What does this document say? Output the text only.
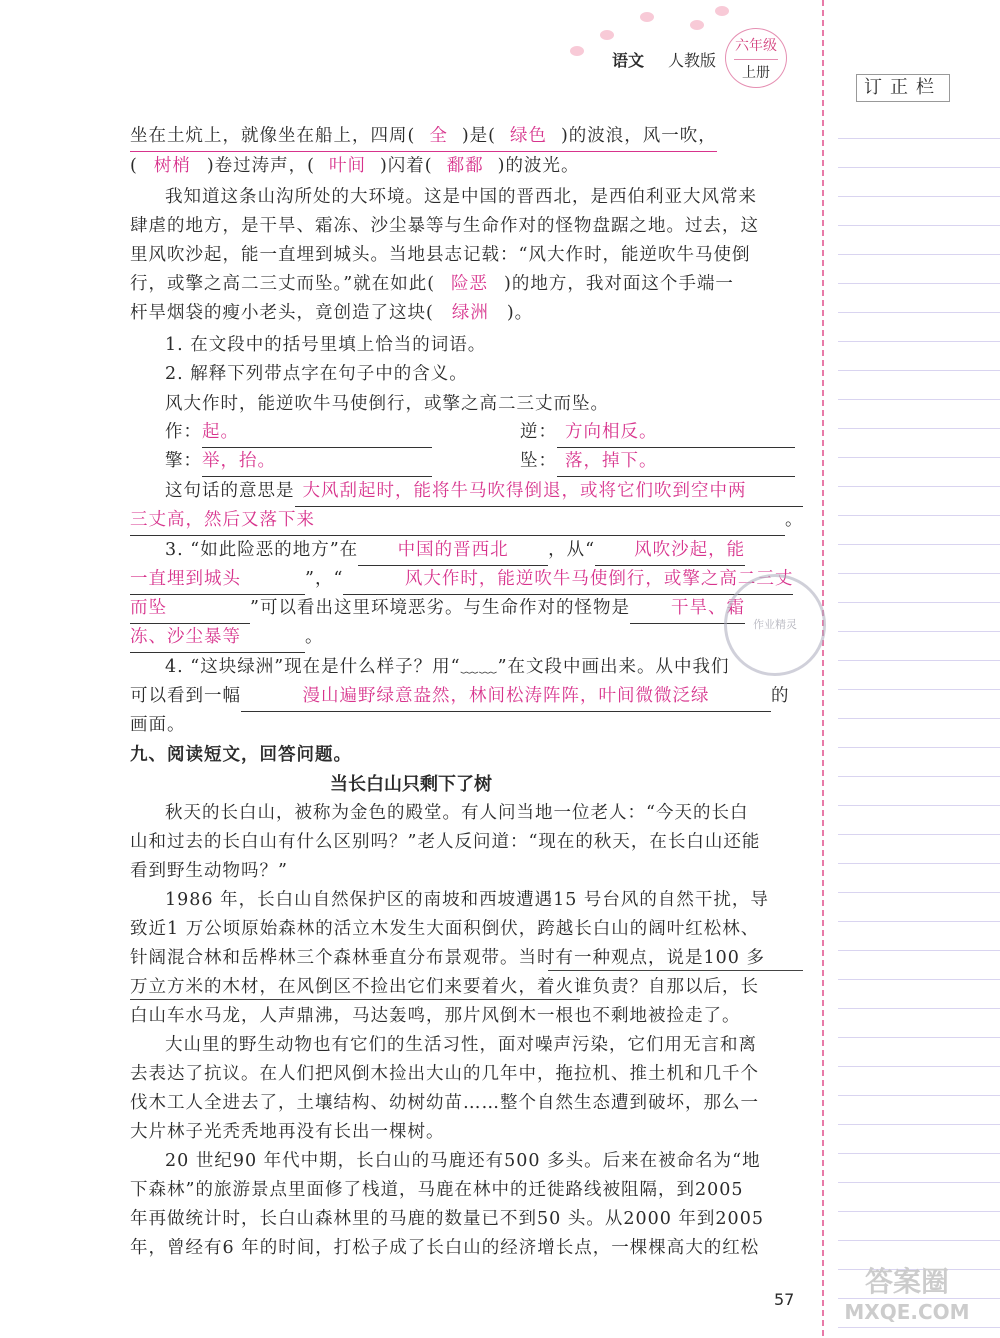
订正栏
语文 人教版
六年级
上册
坐在土炕上，就像坐在船上，四周( 全 )是( 绿色 )的波浪，风一吹，
( 树梢 )卷过涛声，( 叶间 )闪着( 鄱鄱 )的波光。
我知道这条山沟所处的大环境。这是中国的晋西北，是西伯利亚大风常来
肆虐的地方，是干旱、霜冻、沙尘暴等与生命作对的怪物盘踞之地。过去，这
里风吹沙起，能一直埋到城头。当地县志记载：“风大作时，能逆吹牛马使倒
行，或擎之高二三丈而坠。”就在如此( 险恶 )的地方，我对面这个手端一
杆旱烟袋的瘦小老头，竟创造了这块( 绿洲 )。
1. 在文段中的括号里填上恰当的词语。
2. 解释下列带点字在句子中的含义。
风大作时，能逆吹牛马使倒行，或擎之高二三丈而坠。
作：起。	逆： 方向相反。
擎：举，抬。	坠： 落，掉下。
这句话的意思是 大风刮起时，能将牛马吹得倒退，或将它们吹到空中两
三丈高，然后又落下来	。
3. “如此险恶的地方”在 中国的晋西北 ，从“ 风吹沙起，能
一直埋到城头	”，“	风大作时，能逆吹牛马使倒行，或擎之高二三丈
而坠	”可以看出这里环境恶劣。与生命作对的怪物是 干旱、霜
冻、沙尘暴等	。
4. “这块绿洲”现在是什么样子？用“﹏﹏”在文段中画出来。从中我们
可以看到一幅	漫山遍野绿意盎然，林间松涛阵阵，叶间微微泛绿	的
画面。
九、阅读短文，回答问题。
当长白山只剩下了树
秋天的长白山，被称为金色的殿堂。有人问当地一位老人：“今天的长白
山和过去的长白山有什么区别吗？”老人反问道：“现在的秋天，在长白山还能
看到野生动物吗？”
1986 年，长白山自然保护区的南坡和西坡遭遇15 号台风的自然干扰，导
致近1 万公顷原始森林的活立木发生大面积倒伏，跨越长白山的阔叶红松林、
针阔混合林和岳桦林三个森林垂直分布景观带。当时有一种观点，说是100 多
万立方米的木材，在风倒区不捡出它们来要着火，着火谁负责？自那以后，长
白山车水马龙，人声鼎沸，马达轰鸣，那片风倒木一根也不剩地被捡走了。
大山里的野生动物也有它们的生活习性，面对噪声污染，它们用无言和离
去表达了抗议。在人们把风倒木捡出大山的几年中，拖拉机、推土机和几千个
伐木工人全进去了，土壤结构、幼树幼苗……整个自然生态遭到破坏，那么一
大片林子光秃秃地再没有长出一棵树。
20 世纪90 年代中期，长白山的马鹿还有500 多头。后来在被命名为“地
下森林”的旅游景点里面修了栈道，马鹿在林中的迁徙路线被阻隔，到2005
年再做统计时，长白山森林里的马鹿的数量已不到50 头。从2000 年到2005
年，曾经有6 年的时间，打松子成了长白山的经济增长点，一棵棵高大的红松
57
作业精灵
答案圈
MXQE.COM
